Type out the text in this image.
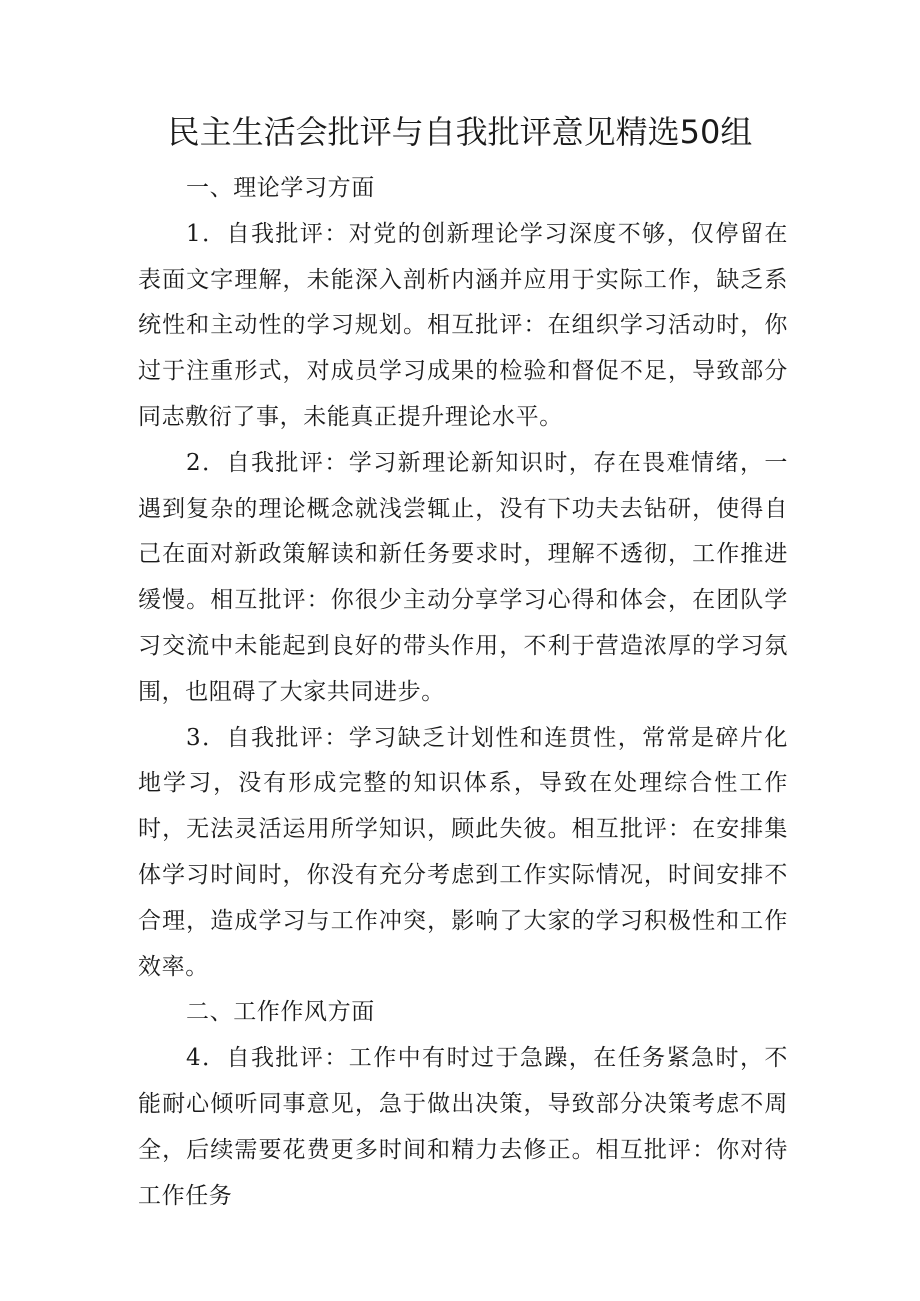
民主生活会批评与自我批评意见精选50组

一、理论学习方面

1．自我批评：对党的创新理论学习深度不够，仅停留在表面文字理解，未能深入剖析内涵并应用于实际工作，缺乏系统性和主动性的学习规划。相互批评：在组织学习活动时，你过于注重形式，对成员学习成果的检验和督促不足，导致部分同志敷衍了事，未能真正提升理论水平。

2．自我批评：学习新理论新知识时，存在畏难情绪，一遇到复杂的理论概念就浅尝辄止，没有下功夫去钻研，使得自己在面对新政策解读和新任务要求时，理解不透彻，工作推进缓慢。相互批评：你很少主动分享学习心得和体会，在团队学习交流中未能起到良好的带头作用，不利于营造浓厚的学习氛围，也阻碍了大家共同进步。

3．自我批评：学习缺乏计划性和连贯性，常常是碎片化地学习，没有形成完整的知识体系，导致在处理综合性工作时，无法灵活运用所学知识，顾此失彼。相互批评：在安排集体学习时间时，你没有充分考虑到工作实际情况，时间安排不合理，造成学习与工作冲突，影响了大家的学习积极性和工作效率。

二、工作作风方面

4．自我批评：工作中有时过于急躁，在任务紧急时，不能耐心倾听同事意见，急于做出决策，导致部分决策考虑不周全，后续需要花费更多时间和精力去修正。相互批评：你对待工作任务
